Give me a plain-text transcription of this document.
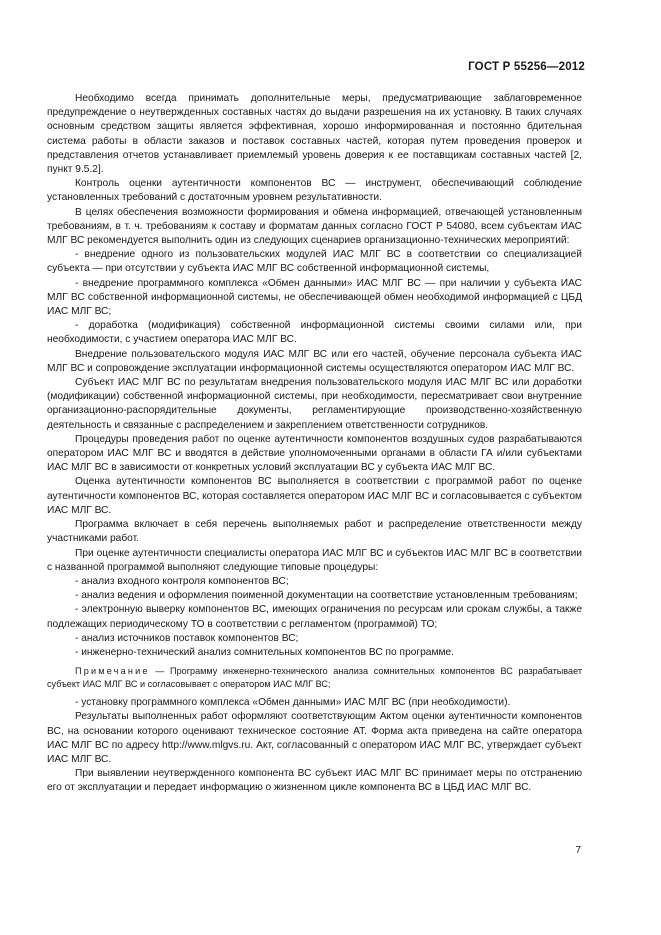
ГОСТ Р 55256—2012

Необходимо всегда принимать дополнительные меры, предусматривающие заблаговременное предупреждение о неутвержденных составных частях до выдачи разрешения на их установку. В таких случаях основным средством защиты является эффективная, хорошо информированная и постоянно бдительная система работы в области заказов и поставок составных частей, которая путем проведения проверок и представления отчетов устанавливает приемлемый уровень доверия к ее поставщикам составных частей [2, пункт 9.5.2].

Контроль оценки аутентичности компонентов ВС — инструмент, обеспечивающий соблюдение установленных требований с достаточным уровнем результативности.

В целях обеспечения возможности формирования и обмена информацией, отвечающей установленным требованиям, в т. ч. требованиям к составу и форматам данных согласно ГОСТ Р 54080, всем субъектам ИАС МЛГ ВС рекомендуется выполнить один из следующих сценариев организационно-технических мероприятий:

- внедрение одного из пользовательских модулей ИАС МЛГ ВС в соответствии со специализацией субъекта — при отсутствии у субъекта ИАС МЛГ ВС собственной информационной системы,

- внедрение программного комплекса «Обмен данными» ИАС МЛГ ВС — при наличии у субъекта ИАС МЛГ ВС собственной информационной системы, не обеспечивающей обмен необходимой информацией с ЦБД ИАС МЛГ ВС;

- доработка (модификация) собственной информационной системы своими силами или, при необходимости, с участием оператора ИАС МЛГ ВС.

Внедрение пользовательского модуля ИАС МЛГ ВС или его частей, обучение персонала субъекта ИАС МЛГ ВС и сопровождение эксплуатации информационной системы осуществляются оператором ИАС МЛГ ВС.

Субъект ИАС МЛГ ВС по результатам внедрения пользовательского модуля ИАС МЛГ ВС или доработки (модификации) собственной информационной системы, при необходимости, пересматривает свои внутренние организационно-распорядительные документы, регламентирующие производственно-хозяйственную деятельность и связанные с распределением и закреплением ответственности сотрудников.

Процедуры проведения работ по оценке аутентичности компонентов воздушных судов разрабатываются оператором ИАС МЛГ ВС и вводятся в действие уполномоченными органами в области ГА и/или субъектами ИАС МЛГ ВС в зависимости от конкретных условий эксплуатации ВС у субъекта ИАС МЛГ ВС.

Оценка аутентичности компонентов ВС выполняется в соответствии с программой работ по оценке аутентичности компонентов ВС, которая составляется оператором ИАС МЛГ ВС и согласовывается с субъектом ИАС МЛГ ВС.

Программа включает в себя перечень выполняемых работ и распределение ответственности между участниками работ.

При оценке аутентичности специалисты оператора ИАС МЛГ ВС и субъектов ИАС МЛГ ВС в соответствии с названной программой выполняют следующие типовые процедуры:

- анализ входного контроля компонентов ВС;

- анализ ведения и оформления поименной документации на соответствие установленным требованиям;

- электронную выверку компонентов ВС, имеющих ограничения по ресурсам или срокам службы, а также подлежащих периодическому ТО в соответствии с регламентом (программой) ТО;

- анализ источников поставок компонентов ВС;

- инженерно-технический анализ сомнительных компонентов ВС по программе.

Примечание — Программу инженерно-технического анализа сомнительных компонентов ВС разрабатывает субъект ИАС МЛГ ВС и согласовывает с оператором ИАС МЛГ ВС;

- установку программного комплекса «Обмен данными» ИАС МЛГ ВС (при необходимости).

Результаты выполненных работ оформляют соответствующим Актом оценки аутентичности компонентов ВС, на основании которого оценивают техническое состояние АТ. Форма акта приведена на сайте оператора ИАС МЛГ ВС по адресу http://www.mlgvs.ru. Акт, согласованный с оператором ИАС МЛГ ВС, утверждает субъект ИАС МЛГ ВС.

При выявлении неутвержденного компонента ВС субъект ИАС МЛГ ВС принимает меры по отстранению его от эксплуатации и передает информацию о жизненном цикле компонента ВС в ЦБД ИАС МЛГ ВС.

7
